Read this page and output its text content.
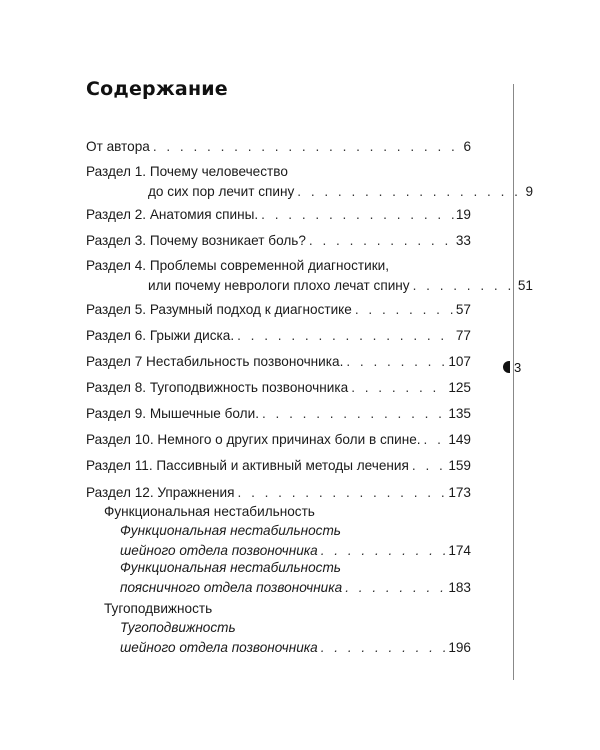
Содержание
От автора . . .	6
Раздел 1. Почему человечество
до сих пор лечит спину . . .	9
Раздел 2. Анатомия спины. . . .	19
Раздел 3. Почему возникает боль? . . .	33
Раздел 4. Проблемы современной диагностики,
или почему неврологи плохо лечат спину . . .	51
Раздел 5. Разумный подход к диагностике . . .	57
Раздел 6. Грыжи диска. . . .	77
Раздел 7 Нестабильность позвоночника. . . .	107
Раздел 8. Тугоподвижность позвоночника . . .	125
Раздел 9. Мышечные боли. . . .	135
Раздел 10. Немного о других причинах боли в спине. . . . 149
Раздел 11. Пассивный и активный методы лечения . . .	159
Раздел 12. Упражнения . . .	173
Функциональная нестабильность
Функциональная нестабильность
шейного отдела позвоночника . . .	174
Функциональная нестабильность
поясничного отдела позвоночника . . .	183
Тугоподвижность
Тугоподвижность
шейного отдела позвоночника . . .	196
3
